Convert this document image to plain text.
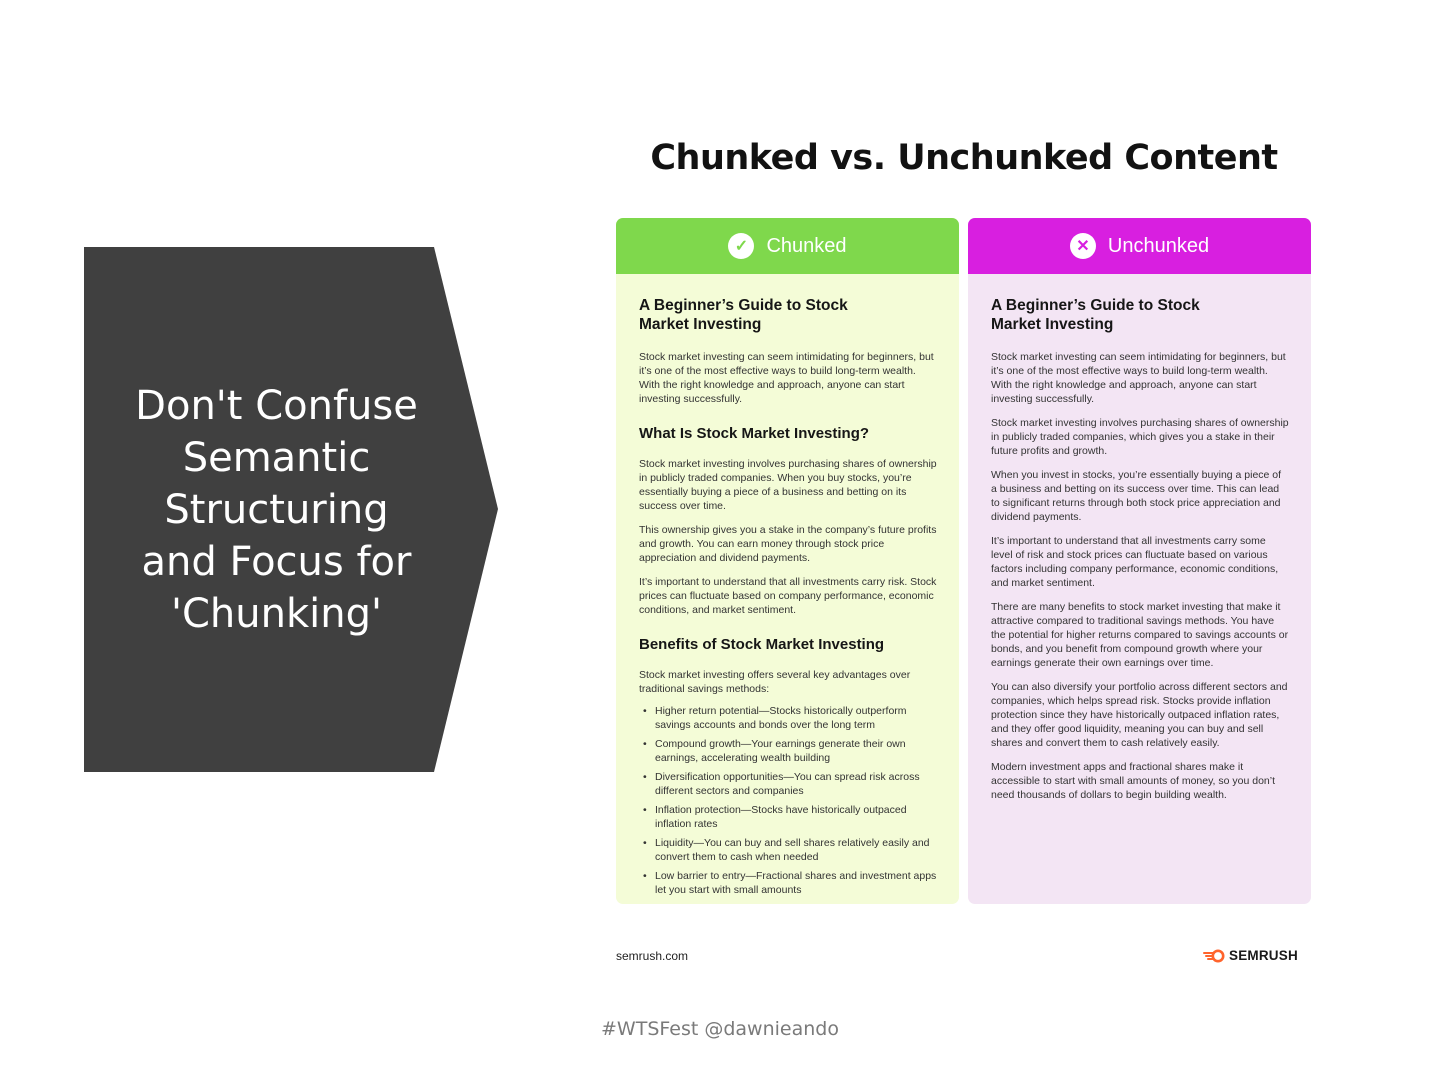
Don't Confuse
Semantic
Structuring
and Focus for
'Chunking'
Chunked vs. Unchunked Content
✓ Chunked
A Beginner’s Guide to Stock Market Investing

Stock market investing can seem intimidating for beginners, but it’s one of the most effective ways to build long-term wealth. With the right knowledge and approach, anyone can start investing successfully.

What Is Stock Market Investing?

Stock market investing involves purchasing shares of ownership in publicly traded companies. When you buy stocks, you’re essentially buying a piece of a business and betting on its success over time.

This ownership gives you a stake in the company’s future profits and growth. You can earn money through stock price appreciation and dividend payments.

It’s important to understand that all investments carry risk. Stock prices can fluctuate based on company performance, economic conditions, and market sentiment.

Benefits of Stock Market Investing

Stock market investing offers several key advantages over traditional savings methods:

• Higher return potential—Stocks historically outperform savings accounts and bonds over the long term
• Compound growth—Your earnings generate their own earnings, accelerating wealth building
• Diversification opportunities—You can spread risk across different sectors and companies
• Inflation protection—Stocks have historically outpaced inflation rates
• Liquidity—You can buy and sell shares relatively easily and convert them to cash when needed
• Low barrier to entry—Fractional shares and investment apps let you start with small amounts
✕ Unchunked
A Beginner’s Guide to Stock Market Investing

Stock market investing can seem intimidating for beginners, but it’s one of the most effective ways to build long-term wealth. With the right knowledge and approach, anyone can start investing successfully.

Stock market investing involves purchasing shares of ownership in publicly traded companies, which gives you a stake in their future profits and growth.

When you invest in stocks, you’re essentially buying a piece of a business and betting on its success over time. This can lead to significant returns through both stock price appreciation and dividend payments.

It’s important to understand that all investments carry some level of risk and stock prices can fluctuate based on various factors including company performance, economic conditions, and market sentiment.

There are many benefits to stock market investing that make it attractive compared to traditional savings methods. You have the potential for higher returns compared to savings accounts or bonds, and you benefit from compound growth where your earnings generate their own earnings over time.

You can also diversify your portfolio across different sectors and companies, which helps spread risk. Stocks provide inflation protection since they have historically outpaced inflation rates, and they offer good liquidity, meaning you can buy and sell shares and convert them to cash relatively easily.

Modern investment apps and fractional shares make it accessible to start with small amounts of money, so you don’t need thousands of dollars to begin building wealth.

semrush.com	SEMRUSH
#WTSFest @dawnieando
